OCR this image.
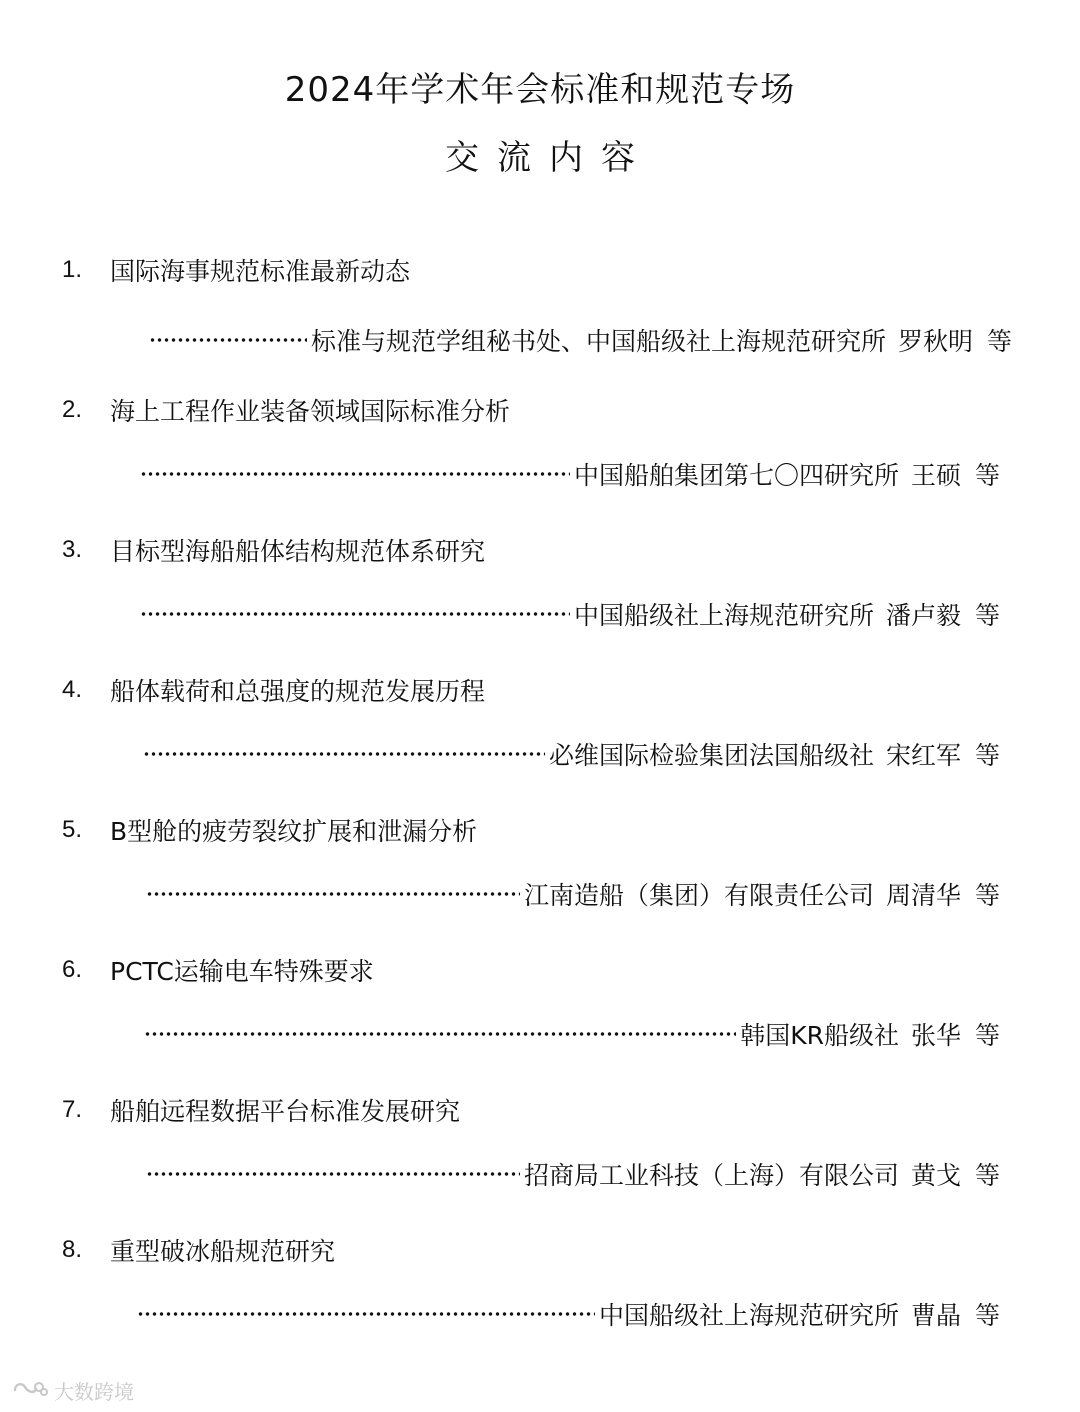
2024年学术年会标准和规范专场
交流内容
1.	国际海事规范标准最新动态
标准与规范学组秘书处、中国船级社上海规范研究所 罗秋明 等
2.	海上工程作业装备领域国际标准分析
中国船舶集团第七〇四研究所 王硕 等
3.	目标型海船船体结构规范体系研究
中国船级社上海规范研究所 潘卢毅 等
4.	船体载荷和总强度的规范发展历程
必维国际检验集团法国船级社 宋红军 等
5.	B型舱的疲劳裂纹扩展和泄漏分析
江南造船（集团）有限责任公司 周清华 等
6.	PCTC运输电车特殊要求
韩国KR船级社 张华 等
7.	船舶远程数据平台标准发展研究
招商局工业科技（上海）有限公司 黄戈 等
8.	重型破冰船规范研究
中国船级社上海规范研究所 曹晶 等
大数跨境
